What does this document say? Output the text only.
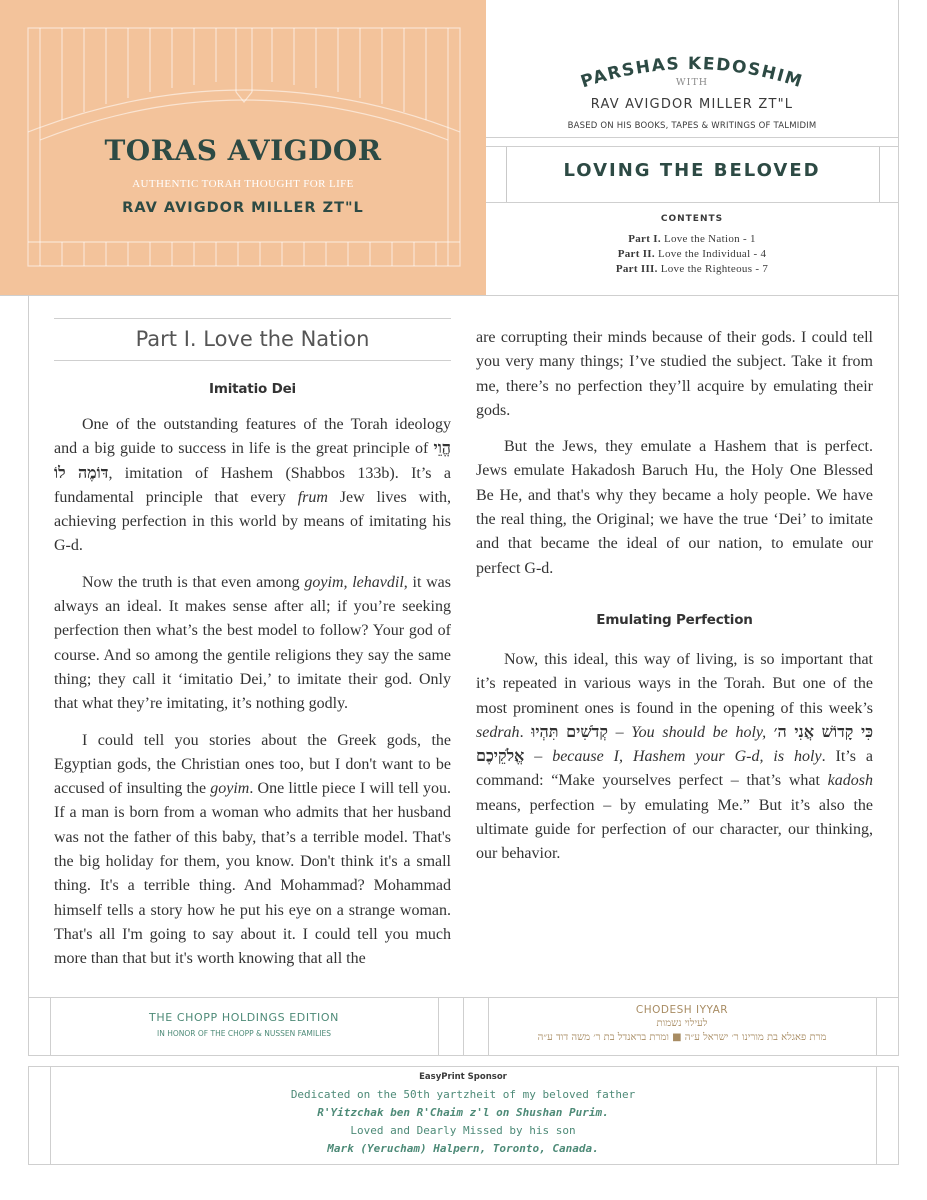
TORAS AVIGDOR
AUTHENTIC TORAH THOUGHT FOR LIFE
RAV AVIGDOR MILLER ZT"L
PARSHAS KEDOSHIM
WITH
RAV AVIGDOR MILLER ZT"L
BASED ON HIS BOOKS, TAPES & WRITINGS OF TALMIDIM
LOVING THE BELOVED
CONTENTS
Part I. Love the Nation - 1
Part II. Love the Individual - 4
Part III. Love the Righteous - 7
Part I. Love the Nation
Imitatio Dei

One of the outstanding features of the Torah ideology and a big guide to success in life is the great principle of הֱוֵי דּוֹמֶה לוֹ, imitation of Hashem (Shabbos 133b). It’s a fundamental principle that every frum Jew lives with, achieving perfection in this world by means of imitating his G-d.

Now the truth is that even among goyim, lehavdil, it was always an ideal. It makes sense after all; if you’re seeking perfection then what’s the best model to follow? Your god of course. And so among the gentile religions they say the same thing; they call it ‘imitatio Dei,’ to imitate their god. Only that what they’re imitating, it’s nothing godly.

I could tell you stories about the Greek gods, the Egyptian gods, the Christian ones too, but I don't want to be accused of insulting the goyim. One little piece I will tell you. If a man is born from a woman who admits that her husband was not the father of this baby, that’s a terrible model. That's the big holiday for them, you know. Don't think it's a small thing. It's a terrible thing. And Mohammad? Mohammad himself tells a story how he put his eye on a strange woman. That's all I'm going to say about it. I could tell you much more than that but it's worth knowing that all the

are corrupting their minds because of their gods. I could tell you very many things; I’ve studied the subject. Take it from me, there’s no perfection they’ll acquire by emulating their gods.

But the Jews, they emulate a Hashem that is perfect. Jews emulate Hakadosh Baruch Hu, the Holy One Blessed Be He, and that's why they became a holy people. We have the real thing, the Original; we have the true ‘Dei’ to imitate and that became the ideal of our nation, to emulate our perfect G-d.

Emulating Perfection

Now, this ideal, this way of living, is so important that it’s repeated in various ways in the Torah. But one of the most prominent ones is found in the opening of this week’s sedrah. קְדֹשִׁים תִּהְיוּ – You should be holy, כִּי קָדוֹשׁ אֲנִי ה׳ אֱלֹקֵיכֶם – because I, Hashem your G-d, is holy. It’s a command: “Make yourselves perfect – that’s what kadosh means, perfection – by emulating Me.” But it’s also the ultimate guide for perfection of our character, our thinking, our behavior.

THE CHOPP HOLDINGS EDITION
IN HONOR OF THE CHOPP & NUSSEN FAMILIES
CHODESH IYYAR
לעילוי נשמות
מרת פאגלא בת מורינו ר׳ ישראל ע״ה ■ ומרת בראנדל בת ר׳ משה דוד ע״ה
EasyPrint Sponsor
Dedicated on the 50th yartzheit of my beloved father
R'Yitzchak ben R'Chaim z'l on Shushan Purim.
Loved and Dearly Missed by his son
Mark (Yerucham) Halpern, Toronto, Canada.
